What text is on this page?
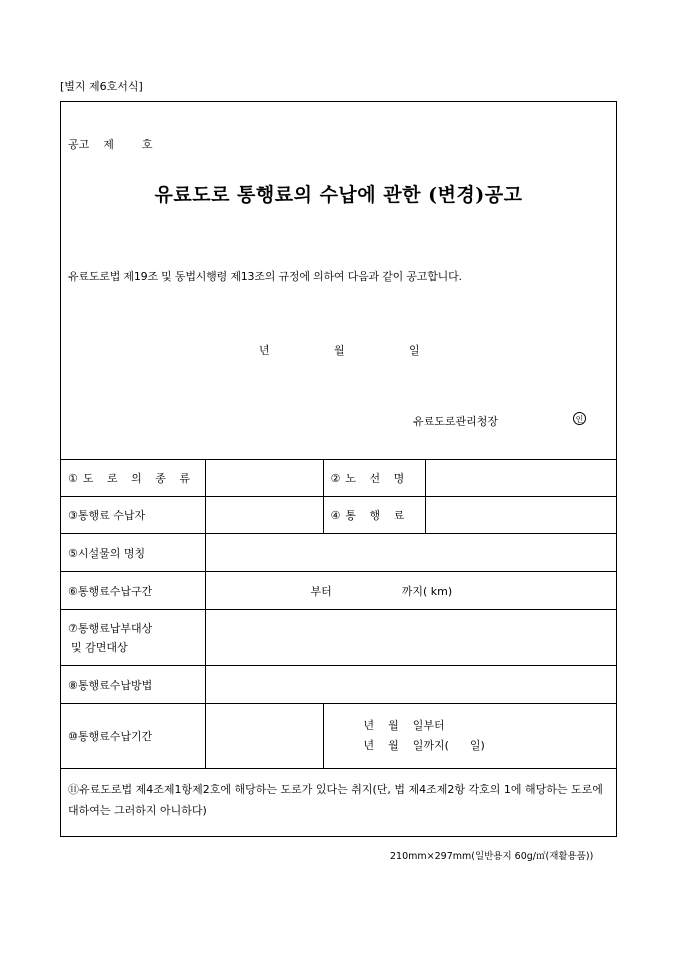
[별지 제6호서식]
공고    제        호
유료도로 통행료의 수납에 관한 (변경)공고
유료도로법 제19조 및 동법시행령 제13조의 규정에 의하여 다음과 같이 공고합니다.
년	월	일
유료도로관리청장	인
①도 로 의 종 류		②노 선 명	
③통행료 수납자		④통 행 료	
⑤시설물의 명칭			
⑥통행료수납구간	부터 까지( km)		

⑦통행료납부대상
및 감면대상			

⑧통행료수납방법			
⑩통행료수납기간		년    월    일부터
년    월    일까지(      일)	

⑪유료도로법 제4조제1항제2호에 해당하는 도로가 있다는 취지(단, 법 제4조제2항 각호의 1에 해당하는 도로에 대하여는 그러하지 아니하다)			
210mm×297mm(일반용지 60g/㎡(재활용품))
